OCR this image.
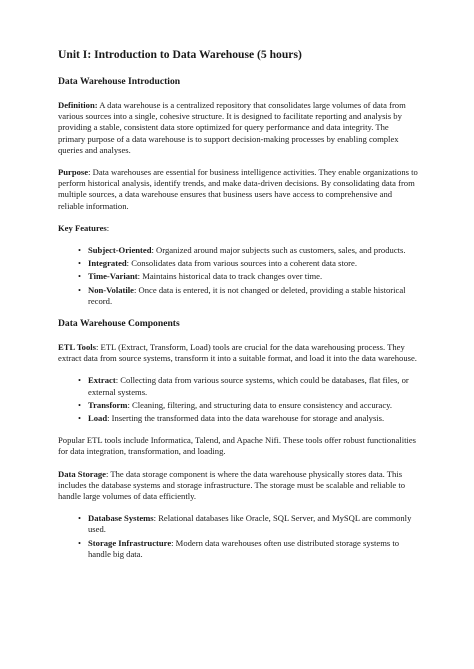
Unit I: Introduction to Data Warehouse (5 hours)
Data Warehouse Introduction

Definition: A data warehouse is a centralized repository that consolidates large volumes of data from various sources into a single, cohesive structure. It is designed to facilitate reporting and analysis by providing a stable, consistent data store optimized for query performance and data integrity. The primary purpose of a data warehouse is to support decision-making processes by enabling complex queries and analyses.

Purpose: Data warehouses are essential for business intelligence activities. They enable organizations to perform historical analysis, identify trends, and make data-driven decisions. By consolidating data from multiple sources, a data warehouse ensures that business users have access to comprehensive and reliable information.

Key Features:

• Subject-Oriented: Organized around major subjects such as customers, sales, and products.
• Integrated: Consolidates data from various sources into a coherent data store.
• Time-Variant: Maintains historical data to track changes over time.
• Non-Volatile: Once data is entered, it is not changed or deleted, providing a stable historical record.
Data Warehouse Components

ETL Tools: ETL (Extract, Transform, Load) tools are crucial for the data warehousing process. They extract data from source systems, transform it into a suitable format, and load it into the data warehouse.

• Extract: Collecting data from various source systems, which could be databases, flat files, or external systems.
• Transform: Cleaning, filtering, and structuring data to ensure consistency and accuracy.
• Load: Inserting the transformed data into the data warehouse for storage and analysis.

Popular ETL tools include Informatica, Talend, and Apache Nifi. These tools offer robust functionalities for data integration, transformation, and loading.

Data Storage: The data storage component is where the data warehouse physically stores data. This includes the database systems and storage infrastructure. The storage must be scalable and reliable to handle large volumes of data efficiently.

• Database Systems: Relational databases like Oracle, SQL Server, and MySQL are commonly used.
• Storage Infrastructure: Modern data warehouses often use distributed storage systems to handle big data.
